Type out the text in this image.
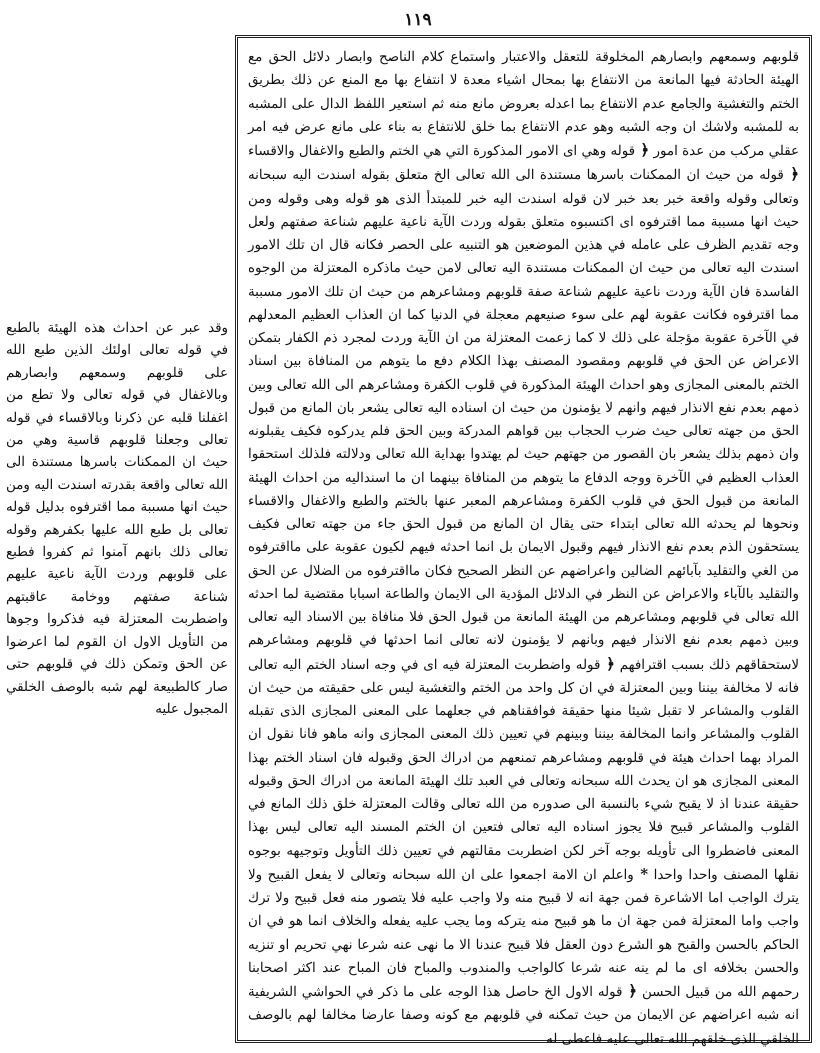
١١٩
قلوبهم وسمعهم وابصارهم المخلوقة للتعقل والاعتبار واستماع كلام الناصح وابصار دلائل الحق مع الهيئة الحادثة فيها المانعة من الانتفاع بها بمحال اشياء معدة لا انتفاع بها مع المنع عن ذلك بطريق الختم والتغشية والجامع عدم الانتفاع بما اعدله بعروض مانع منه ثم استعير اللفظ الدال على المشبه به للمشبه ولاشك ان وجه الشبه وهو عدم الانتفاع بما خلق للانتفاع به بناء على مانع عرض فيه امر عقلي مركب من عدة امور ﴿ قوله وهي اى الامور المذكورة التي هي الختم والطبع والاغفال والاقساء ﴿ قوله من حيث ان الممكنات باسرها مستندة الى الله تعالى الخ متعلق بقوله اسندت اليه سبحانه وتعالى وقوله واقعة خبر بعد خبر لان قوله اسندت اليه خبر للمبتدأ الذى هو قوله وهى وقوله ومن حيث انها مسببة مما اقترفوه اى اكتسبوه متعلق بقوله وردت الآية ناعية عليهم شناعة صفتهم ولعل وجه تقديم الظرف على عامله في هذين الموضعين هو التنبيه على الحصر فكانه قال ان تلك الامور اسندت اليه تعالى من حيث ان الممكنات مستندة اليه تعالى لامن حيث ماذكره المعتزلة من الوجوه الفاسدة فان الآية وردت ناعية عليهم شناعة صفة قلوبهم ومشاعرهم من حيث ان تلك الامور مسببة مما اقترفوه فكانت عقوبة لهم على سوء صنيعهم معجلة في الدنيا كما ان العذاب العظيم المعدلهم في الآخرة عقوبة مؤجلة على ذلك لا كما زعمت المعتزلة من ان الآية وردت لمجرد ذم الكفار بتمكن الاعراض عن الحق في قلوبهم ومقصود المصنف بهذا الكلام دفع ما يتوهم من المنافاة بين اسناد الختم بالمعنى المجازى وهو احداث الهيئة المذكورة في قلوب الكفرة ومشاعرهم الى الله تعالى وبين ذمهم بعدم نفع الانذار فيهم وانهم لا يؤمنون من حيث ان اسناده اليه تعالى يشعر بان المانع من قبول الحق من جهته تعالى حيث ضرب الحجاب بين قواهم المدركة وبين الحق فلم يدركوه فكيف يقبلونه وان ذمهم بذلك يشعر بان القصور من جهتهم حيث لم يهتدوا بهداية الله تعالى ودلالته فلذلك استحقوا العذاب العظيم في الآخرة ووجه الدفاع ما يتوهم من المنافاة بينهما ان ما اسنداليه من احداث الهيئة المانعة من قبول الحق في قلوب الكفرة ومشاعرهم المعبر عنها بالختم والطبع والاغفال والاقساء ونحوها لم يحدثه الله تعالى ابتداء حتى يقال ان المانع من قبول الحق جاء من جهته تعالى فكيف يستحقون الذم بعدم نفع الانذار فيهم وقبول الايمان بل انما احدثه فيهم لكيون عقوبة على مااقترفوه من الغي والتقليد بآبائهم الضالين واعراضهم عن النظر الصحيح فكان مااقترفوه من الضلال عن الحق والتقليد بالآباء والاعراض عن النظر في الدلائل المؤدية الى الايمان والطاعة اسبابا مقتضية لما احدثه الله تعالى في قلوبهم ومشاعرهم من الهيئة المانعة من قبول الحق فلا منافاة بين الاسناد اليه تعالى وبين ذمهم بعدم نفع الانذار فيهم وبانهم لا يؤمنون لانه تعالى انما احدثها في قلوبهم ومشاعرهم لاستحقاقهم ذلك بسبب اقترافهم ﴿ قوله واضطربت المعتزلة فيه اى في وجه اسناد الختم اليه تعالى فانه لا مخالفة بيننا وبين المعتزلة في ان كل واحد من الختم والتغشية ليس على حقيقته من حيث ان القلوب والمشاعر لا تقبل شيئا منها حقيقة فوافقناهم في جعلهما على المعنى المجازى الذى تقبله القلوب والمشاعر وانما المخالفة بيننا وبينهم في تعيين ذلك المعنى المجازى وانه ماهو فانا نقول ان المراد بهما احداث هيئة في قلوبهم ومشاعرهم تمنعهم من ادراك الحق وقبوله فان اسناد الختم بهذا المعنى المجازى هو ان يحدث الله سبحانه وتعالى في العبد تلك الهيئة المانعة من ادراك الحق وقبوله حقيقة عندنا اذ لا يقبح شيء بالنسبة الى صدوره من الله تعالى وقالت المعتزلة خلق ذلك المانع في القلوب والمشاعر قبيح فلا يجوز اسناده اليه تعالى فتعين ان الختم المسند اليه تعالى ليس بهذا المعنى فاضطروا الى تأويله بوجه آخر لكن اضطربت مقالتهم في تعيين ذلك التأويل وتوجيهه بوجوه نقلها المصنف واحدا واحدا * واعلم ان الامة اجمعوا على ان الله سبحانه وتعالى لا يفعل القبيح ولا يترك الواجب اما الاشاعرة فمن جهة انه لا قبيح منه ولا واجب عليه فلا يتصور منه فعل قبيح ولا ترك واجب واما المعتزلة فمن جهة ان ما هو قبيح منه يتركه وما يجب عليه يفعله والخلاف انما هو في ان الحاكم بالحسن والقبح هو الشرع دون العقل فلا قبيح عندنا الا ما نهى عنه شرعا نهي تحريم او تنزيه والحسن بخلافه اى ما لم ينه عنه شرعا كالواجب والمندوب والمباح فان المباح عند اكثر اصحابنا رحمهم الله من قبيل الحسن ﴿ قوله الاول الخ حاصل هذا الوجه على ما ذكر في الحواشي الشريفية انه شبه اعراضهم عن الايمان من حيث تمكنه في قلوبهم مع كونه وصفا عارضا مخالفا لهم بالوصف الخلقي الذى خلقهم الله تعالى عليه فاعطى له
وقد عبر عن احداث هذه الهيئة بالطبع في قوله تعالى اولئك الذين طبع الله على قلوبهم وسمعهم وابصارهم وبالاغفال في قوله تعالى ولا تطع من اغفلنا قلبه عن ذكرنا وبالاقساء في قوله تعالى وجعلنا قلوبهم قاسية وهي من حيث ان الممكنات باسرها مستندة الى الله تعالى واقعة بقدرته اسندت اليه ومن حيث انها مسببة مما اقترفوه بدليل قوله تعالى بل طبع الله عليها بكفرهم وقوله تعالى ذلك بانهم آمنوا ثم كفروا فطبع على قلوبهم وردت الآية ناعية عليهم شناعة صفتهم ووخامة عاقبتهم واضطربت المعتزلة فيه فذكروا وجوها من التأويل الاول ان القوم لما اعرضوا عن الحق وتمكن ذلك في قلوبهم حتى صار كالطبيعة لهم شبه بالوصف الخلقي المجبول عليه
